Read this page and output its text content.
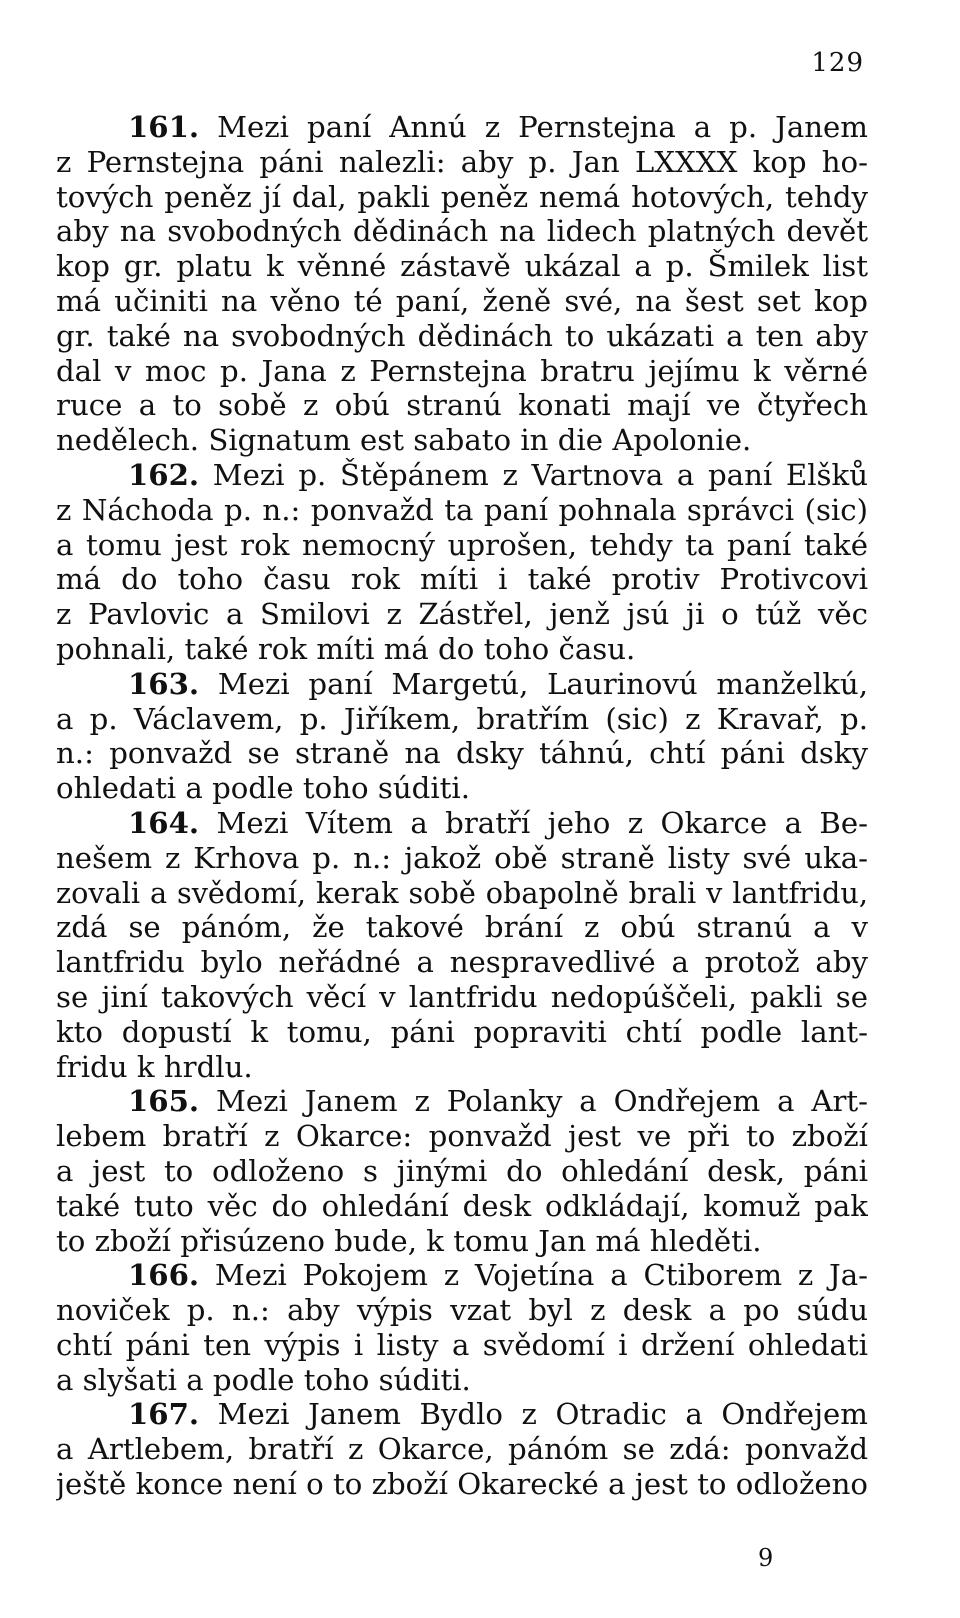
129
161. Mezi paní Annú z Pernstejna a p. Janem
z Pernstejna páni nalezli: aby p. Jan LXXXX kop ho-
tových peněz jí dal, pakli peněz nemá hotových, tehdy
aby na svobodných dědinách na lidech platných devět
kop gr. platu k věnné zástavě ukázal a p. Šmilek list
má učiniti na věno té paní, ženě své, na šest set kop
gr. také na svobodných dědinách to ukázati a ten aby
dal v moc p. Jana z Pernstejna bratru jejímu k věrné
ruce a to sobě z obú stranú konati mají ve čtyřech
nedělech. Signatum est sabato in die Apolonie.
162. Mezi p. Štěpánem z Vartnova a paní Elšků
z Náchoda p. n.: ponvažd ta paní pohnala správci (sic)
a tomu jest rok nemocný uprošen, tehdy ta paní také
má do toho času rok míti i také protiv Protivcovi
z Pavlovic a Smilovi z Zástřel, jenž jsú ji o túž věc
pohnali, také rok míti má do toho času.
163. Mezi paní Margetú, Laurinovú manželkú,
a p. Václavem, p. Jiříkem, bratřím (sic) z Kravař, p.
n.: ponvažd se straně na dsky táhnú, chtí páni dsky
ohledati a podle toho súditi.
164. Mezi Vítem a bratří jeho z Okarce a Be-
nešem z Krhova p. n.: jakož obě straně listy své uka-
zovali a svědomí, kerak sobě obapolně brali v lantfridu,
zdá se pánóm, že takové brání z obú stranú a v
lantfridu bylo neřádné a nespravedlivé a protož aby
se jiní takových věcí v lantfridu nedopúščeli, pakli se
kto dopustí k tomu, páni popraviti chtí podle lant-
fridu k hrdlu.
165. Mezi Janem z Polanky a Ondřejem a Art-
lebem bratří z Okarce: ponvažd jest ve při to zboží
a jest to odloženo s jinými do ohledání desk, páni
také tuto věc do ohledání desk odkládají, komuž pak
to zboží přisúzeno bude, k tomu Jan má hleděti.
166. Mezi Pokojem z Vojetína a Ctiborem z Ja-
noviček p. n.: aby výpis vzat byl z desk a po súdu
chtí páni ten výpis i listy a svědomí i držení ohledati
a slyšati a podle toho súditi.
167. Mezi Janem Bydlo z Otradic a Ondřejem
a Artlebem, bratří z Okarce, pánóm se zdá: ponvažd
ještě konce není o to zboží Okarecké a jest to odloženo
9
